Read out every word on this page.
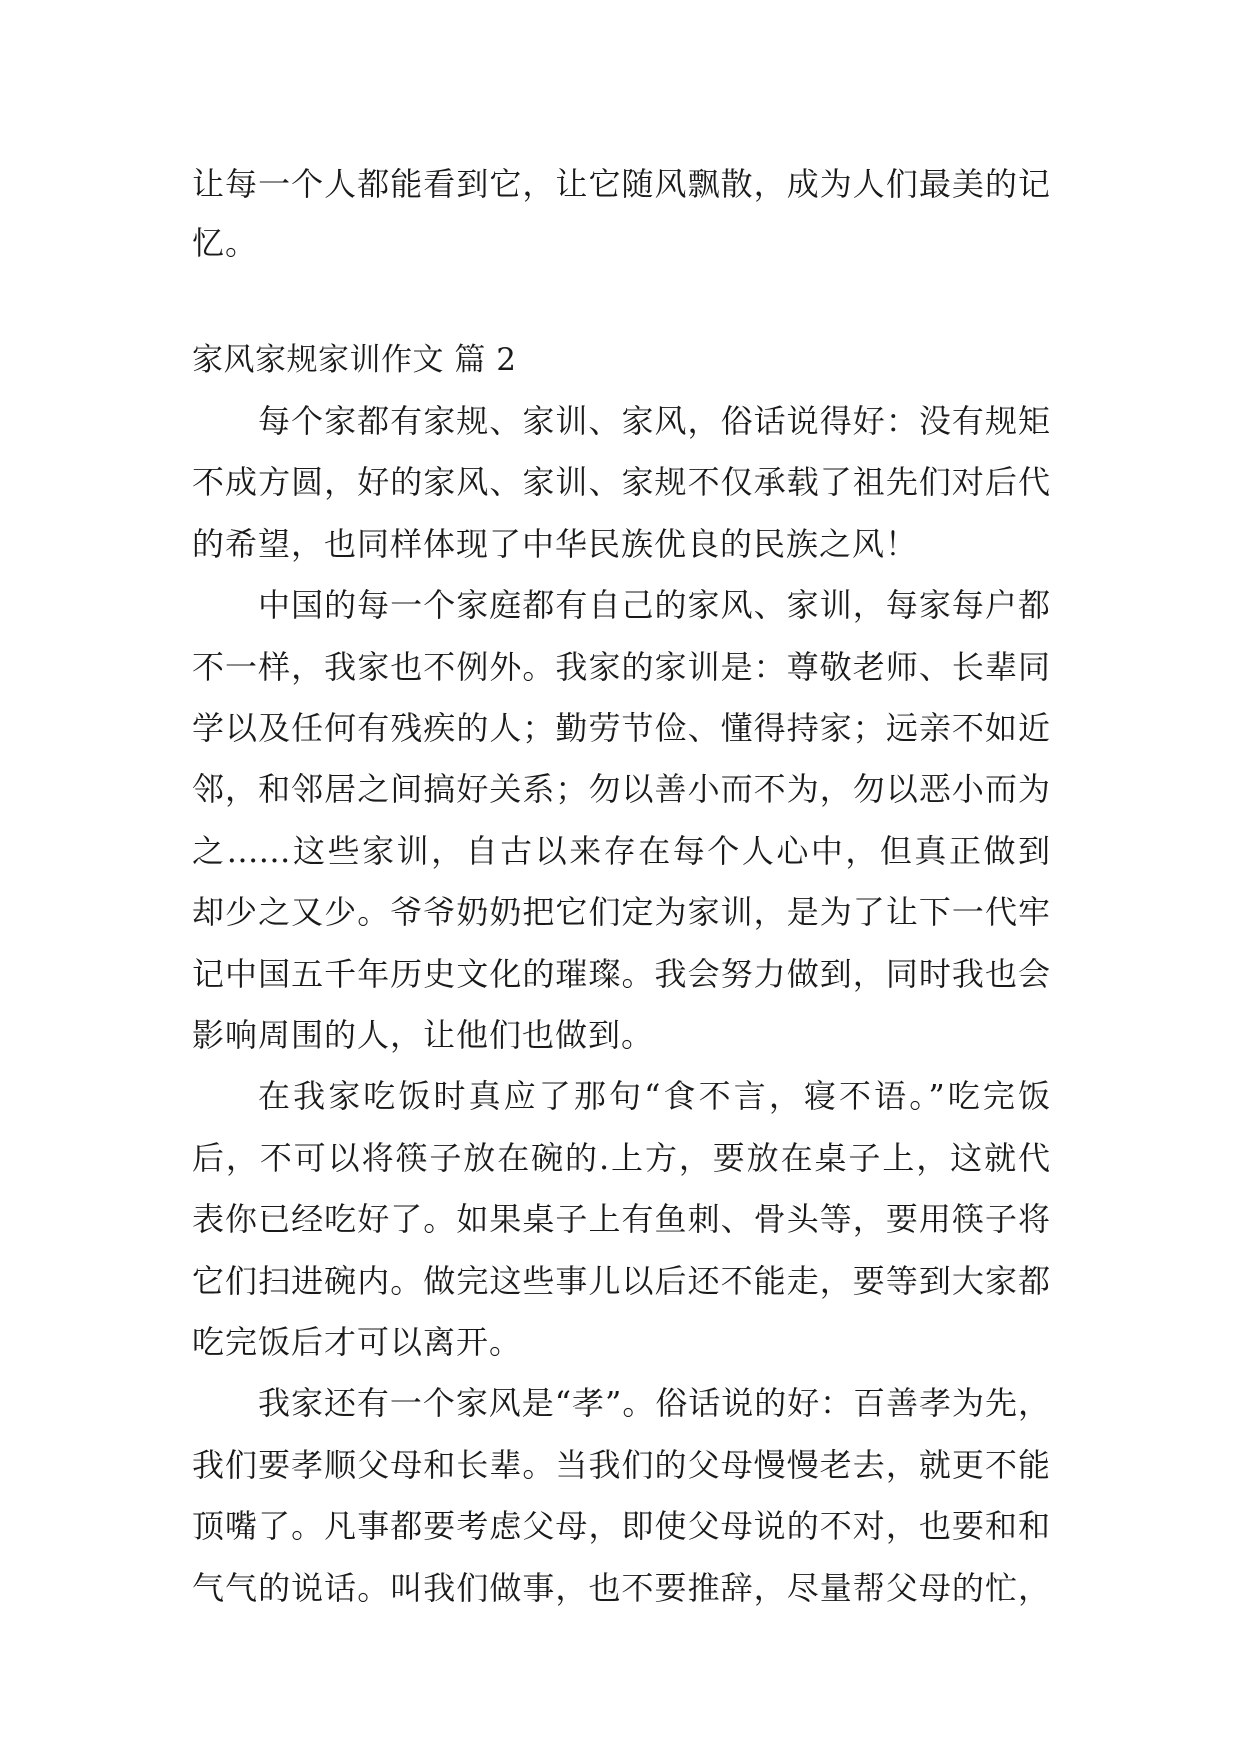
让每一个人都能看到它，让它随风飘散，成为人们最美的记
忆。
家风家规家训作文 篇 2
每个家都有家规、家训、家风，俗话说得好：没有规矩
不成方圆，好的家风、家训、家规不仅承载了祖先们对后代
的希望，也同样体现了中华民族优良的民族之风！
中国的每一个家庭都有自己的家风、家训，每家每户都
不一样，我家也不例外。我家的家训是：尊敬老师、长辈同
学以及任何有残疾的人；勤劳节俭、懂得持家；远亲不如近
邻，和邻居之间搞好关系；勿以善小而不为，勿以恶小而为
之……这些家训，自古以来存在每个人心中，但真正做到
却少之又少。爷爷奶奶把它们定为家训，是为了让下一代牢
记中国五千年历史文化的璀璨。我会努力做到，同时我也会
影响周围的人，让他们也做到。
在我家吃饭时真应了那句“食不言，寝不语。”吃完饭
后，不可以将筷子放在碗的.上方，要放在桌子上，这就代
表你已经吃好了。如果桌子上有鱼刺、骨头等，要用筷子将
它们扫进碗内。做完这些事儿以后还不能走，要等到大家都
吃完饭后才可以离开。
我家还有一个家风是“孝”。俗话说的好：百善孝为先，
我们要孝顺父母和长辈。当我们的父母慢慢老去，就更不能
顶嘴了。凡事都要考虑父母，即使父母说的不对，也要和和
气气的说话。叫我们做事，也不要推辞，尽量帮父母的忙，
